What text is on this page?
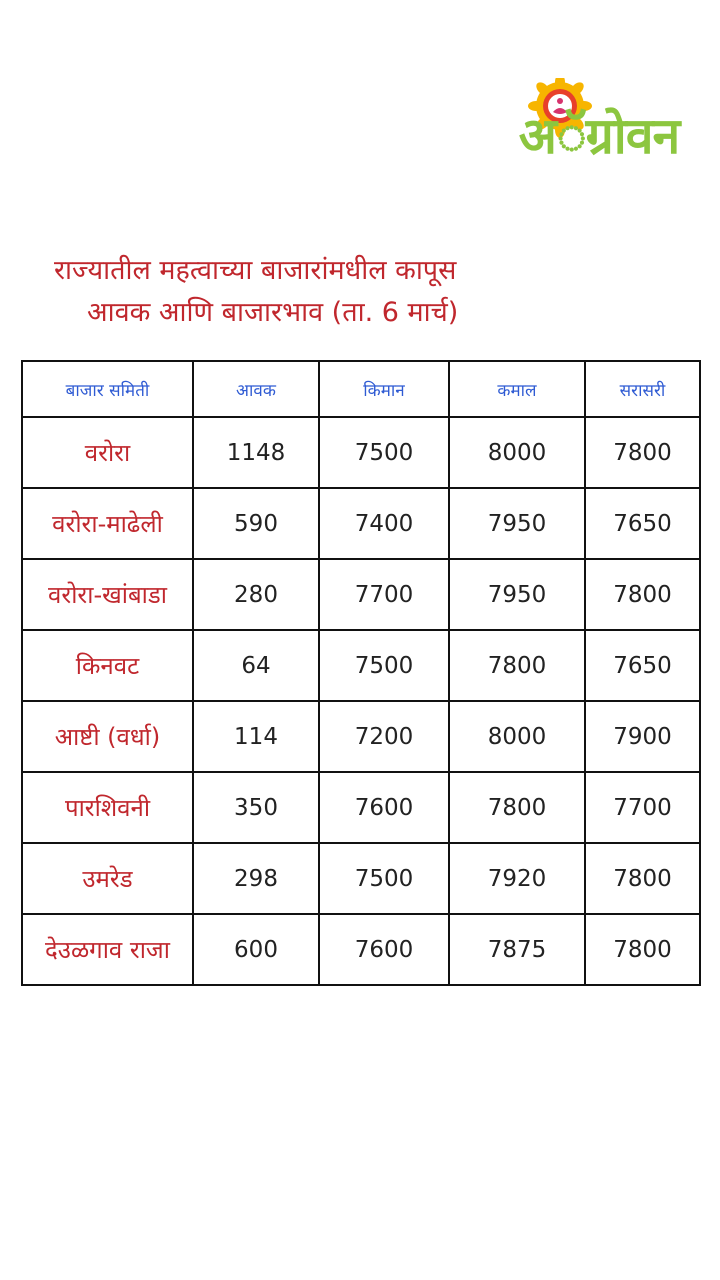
अॅग्रोवन
राज्यातील महत्वाच्या बाजारांमधील कापूस
आवक आणि बाजारभाव (ता. 6 मार्च)
बाजार समिती	आवक	किमान	कमाल	सरासरी
वरोरा	1148	7500	8000	7800
वरोरा-माढेली	590	7400	7950	7650
वरोरा-खांबाडा	280	7700	7950	7800
किनवट	64	7500	7800	7650
आष्टी (वर्धा)	114	7200	8000	7900
पारशिवनी	350	7600	7800	7700
उमरेड	298	7500	7920	7800
देउळगाव राजा	600	7600	7875	7800
